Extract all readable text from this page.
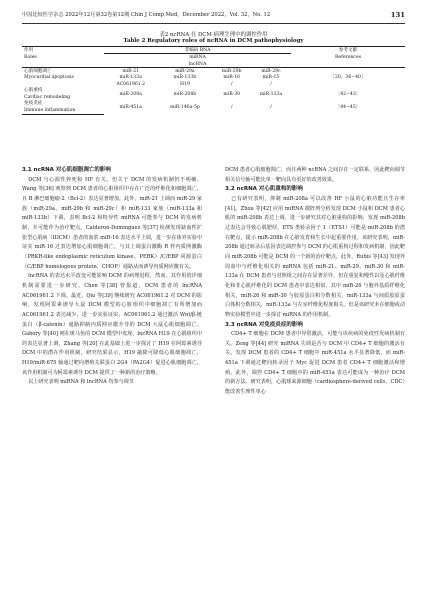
中国比较医学杂志 2022年12月第32卷第12期 Chin J Comp Med，December 2022，Vol. 32，No. 12	131
表2 ncRNA 在 DCM 病理生理中的调控作用
Table 2 Regulatory roles of ncRNA in DCM pathophysiology
作用	非编码 RNA				参考文献
Roles	miRNA				References
	lncRNA				
心肌细胞凋亡	miR-21	miR-29a	miR-29b	miR-29c	［20，36−40］
Myocardial apoptosis	miR-133a	miR-133b	miR-16	miR-15	
	AC061961.2	H19	/	/	
心肌重构	miR-208a	miR-208b	miR-30	miR-133a	［42−43］
Cardiac remodeling					
免疫炎症	miR-451a	miR-146a-5p	/	/	［44−45］
Immune inflammation					

3.1 ncRNA 对心肌细胞凋亡的影响

DCM 与心源性猝死和 HF 有关，但关于 DCM 的发病机制仍不明确。Wang 等[36] 观察到 DCM 患者的心脏组织中存在广泛的纤维化和细胞凋亡，且 B 淋巴细胞瘤-2（Bcl-2）表达显著增加。此外，miR-21 上调而 miR-29 家族（miR-29a、miR-29b 和 miR-29c）和 miR-133 家族（miR-133a 和 miR-133b）下调，表明 Bcl-2 和特异性 miRNA 可能参与 DCM 的发病机制，并可能作为治疗靶点。Calderon-Dominguez 等[37] 检测发现缺血性扩张型心肌病（IDCM）患者的血浆 miR-16 表达水平上调，进一步在体外实验中证实 miR-16 过表达增加心肌细胞凋亡，与其上调蛋白激酶 R 样内质网激酶（PRKR-like endoplasmic reticulum kinase，PERK）/C/EBP 同源蛋白（C/EBP homologous protein，CHOP）通路从而诱导内质网应激有关。

lncRNA 的表达水平改变可能影响 DCM 的病理进程，然而，其作用的详细机制需要进一步研究。Chen 等[38] 曾报道，DCM 患者的 lncRNA AC061961.2 下调。最近，Qiu 等[39] 继续研究 AC061961.2 对 DCM 的影响，发现阿霉素诱导大鼠 DCM 模型的心脏组织中细胞凋亡有所增加而 AC061961.2 表达减少，进一步实验证实，AC061961.2 通过激活 Wnt/β-链蛋白（β-catenin）通路抑制内质网应激介导的 DCM 大鼠心肌细胞凋亡。Gabory 等[40] 则在斑马鱼的 DCM 模型中发现，lncRNA H19 在心肌组织中的表达显著上调，Zhang 等[20] 在此基础上进一步探讨了 H19 在阿霉素诱导 DCM 中的潜在作用机制，研究结果显示，H19 敲除可降低心肌细胞凋亡，H19/miR-675 轴通过靶向增殖关联蛋白 2G4（PA2G4）促进心肌细胞凋亡，该作用机制可为阿霉素诱导 DCM 提供了一种新的治疗策略。

以上研究表明 miRNA 和 lncRNA 均参与调节

DCM 患者心肌细胞凋亡，而且两种 ncRNA 之间存在一定联系，因此靶向调节相关信号轴可能比单一靶向具有更好的改善效果。

3.2 ncRNA 对心肌重构的影响

已有研究表明，抑制 miR-208a 可以改善 HF 小鼠的心脏功能且生存率[41]。Zhou 等[42] 应用 miRNA 微阵列分析发现 DCM 小鼠和 DCM 患者心肌的 miR-208b 表达上调，进一步研究其对心脏重构的影响，发现 miR-208b 过表达会导致心肌肥厚，ETS 类转录因子 1（ETS1）可能是 miR-208b 的潜在靶点，提示 miR-208b 在心脏发育和生长中起重要作用。该研究表明，miR-208b 通过转录后基因表达调控参与 DCM 的心肌重构过程和发病机制，因此靶向 miR-208b 可能是 DCM 的一个新的治疗靶点。此外，Rubiś 等[43] 发现外周血中与纤维化相关的 miRNA 包括 miR-21、miR-29、miR-30 和 miR-133a 在 DCM 患者与对照组之间存在显著差异，但在重复和慢性以及心肌纤维化和非心肌纤维化的 DCM 患者中表达相似，其中 miR-26 与胞外基质纤维化相关，miR-26 和 miR-30 与胶原蛋白积分数相关，miR-133a 与间质胶原蛋白体积分数相关，miR-133a 与左室纤维化程度相关。但是该研究未在细胞或动物实验模型中进一步探讨 miRNA 的作用机制。

3.3 ncRNA 对免疫炎症的影响

CD4+ T 细胞在 DCM 患者中异常激活，可能与该疾病的免疫性发病机制有关。Zeng 等[44] 研究 miRNA 失调是否与 DCM 中 CD4+ T 细胞的激活有关，发现 DCM 患者的 CD4+ T 细胞中 miR-451a 水平显著降低，而 miR-451a 下调通过靶向转录因子 Myc 促进 DCM 患者 CD4+ T 细胞激活和增殖。此外，调控 CD4+ T 细胞中的 miR-451a 表达可能成为一种治疗 DCM 的新方法。研究表明，心肌球来源细胞（cardiosphere-derived cells，CDC）能改善生理性单心
